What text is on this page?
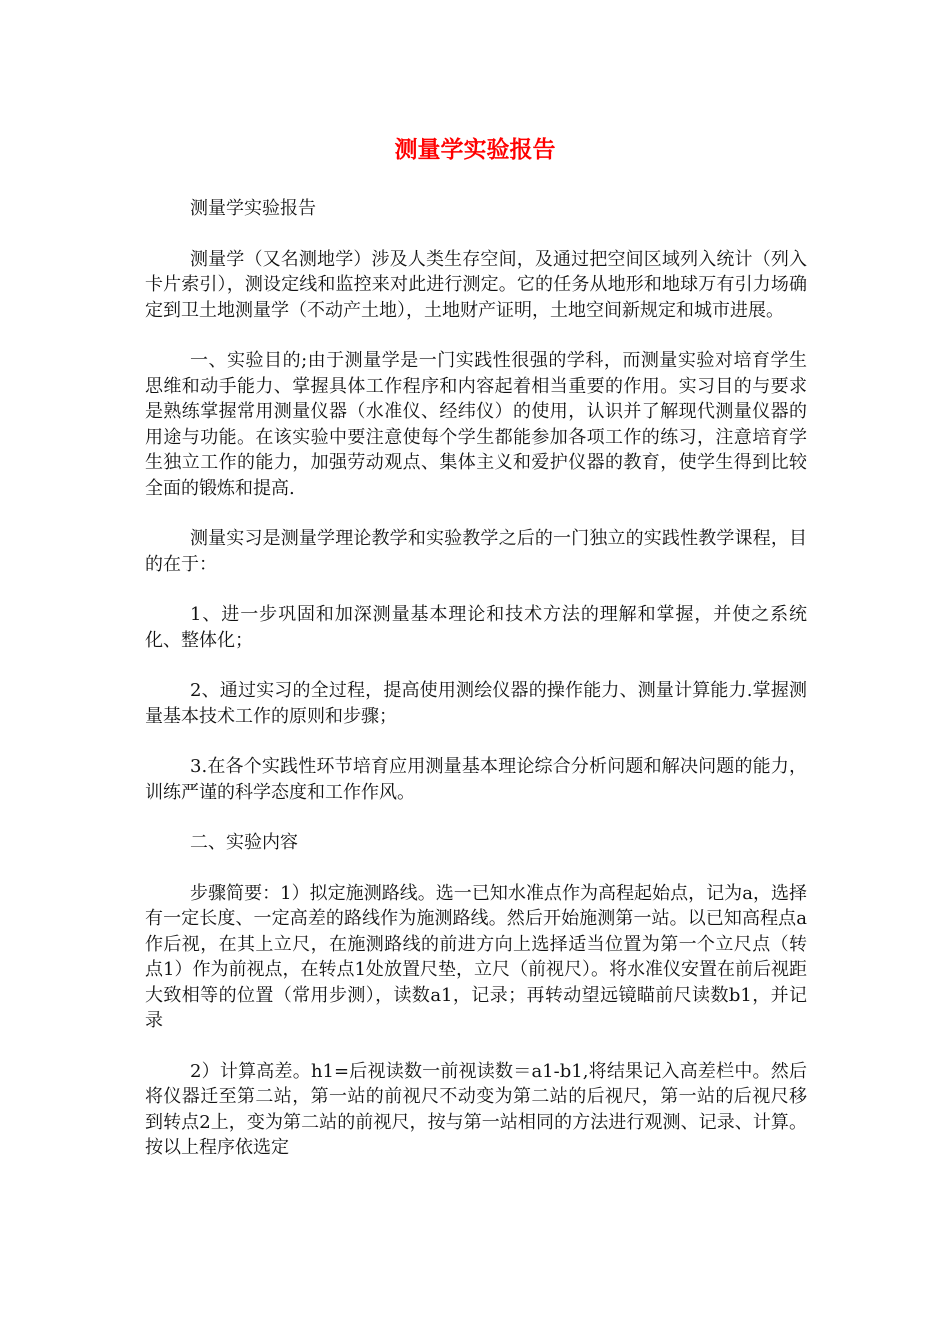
测量学实验报告

测量学实验报告

测量学（又名测地学）涉及人类生存空间，及通过把空间区域列入统计（列入卡片索引），测设定线和监控来对此进行测定。它的任务从地形和地球万有引力场确定到卫土地测量学（不动产土地），土地财产证明，土地空间新规定和城市进展。

一、实验目的;由于测量学是一门实践性很强的学科，而测量实验对培育学生思维和动手能力、掌握具体工作程序和内容起着相当重要的作用。实习目的与要求是熟练掌握常用测量仪器（水准仪、经纬仪）的使用，认识并了解现代测量仪器的用途与功能。在该实验中要注意使每个学生都能参加各项工作的练习，注意培育学生独立工作的能力，加强劳动观点、集体主义和爱护仪器的教育，使学生得到比较全面的锻炼和提高.

测量实习是测量学理论教学和实验教学之后的一门独立的实践性教学课程，目的在于：

1、进一步巩固和加深测量基本理论和技术方法的理解和掌握，并使之系统化、整体化；

2、通过实习的全过程，提高使用测绘仪器的操作能力、测量计算能力.掌握测量基本技术工作的原则和步骤；

3.在各个实践性环节培育应用测量基本理论综合分析问题和解决问题的能力，训练严谨的科学态度和工作作风。

二、实验内容

步骤简要：1）拟定施测路线。选一已知水准点作为高程起始点，记为a，选择有一定长度、一定高差的路线作为施测路线。然后开始施测第一站。以已知高程点a作后视，在其上立尺，在施测路线的前进方向上选择适当位置为第一个立尺点（转点1）作为前视点，在转点1处放置尺垫，立尺（前视尺）。将水准仪安置在前后视距大致相等的位置（常用步测），读数a1，记录；再转动望远镜瞄前尺读数b1，并记录

2）计算高差。h1=后视读数一前视读数＝a1-b1,将结果记入高差栏中。然后将仪器迁至第二站，第一站的前视尺不动变为第二站的后视尺，第一站的后视尺移到转点2上，变为第二站的前视尺，按与第一站相同的方法进行观测、记录、计算。按以上程序依选定
